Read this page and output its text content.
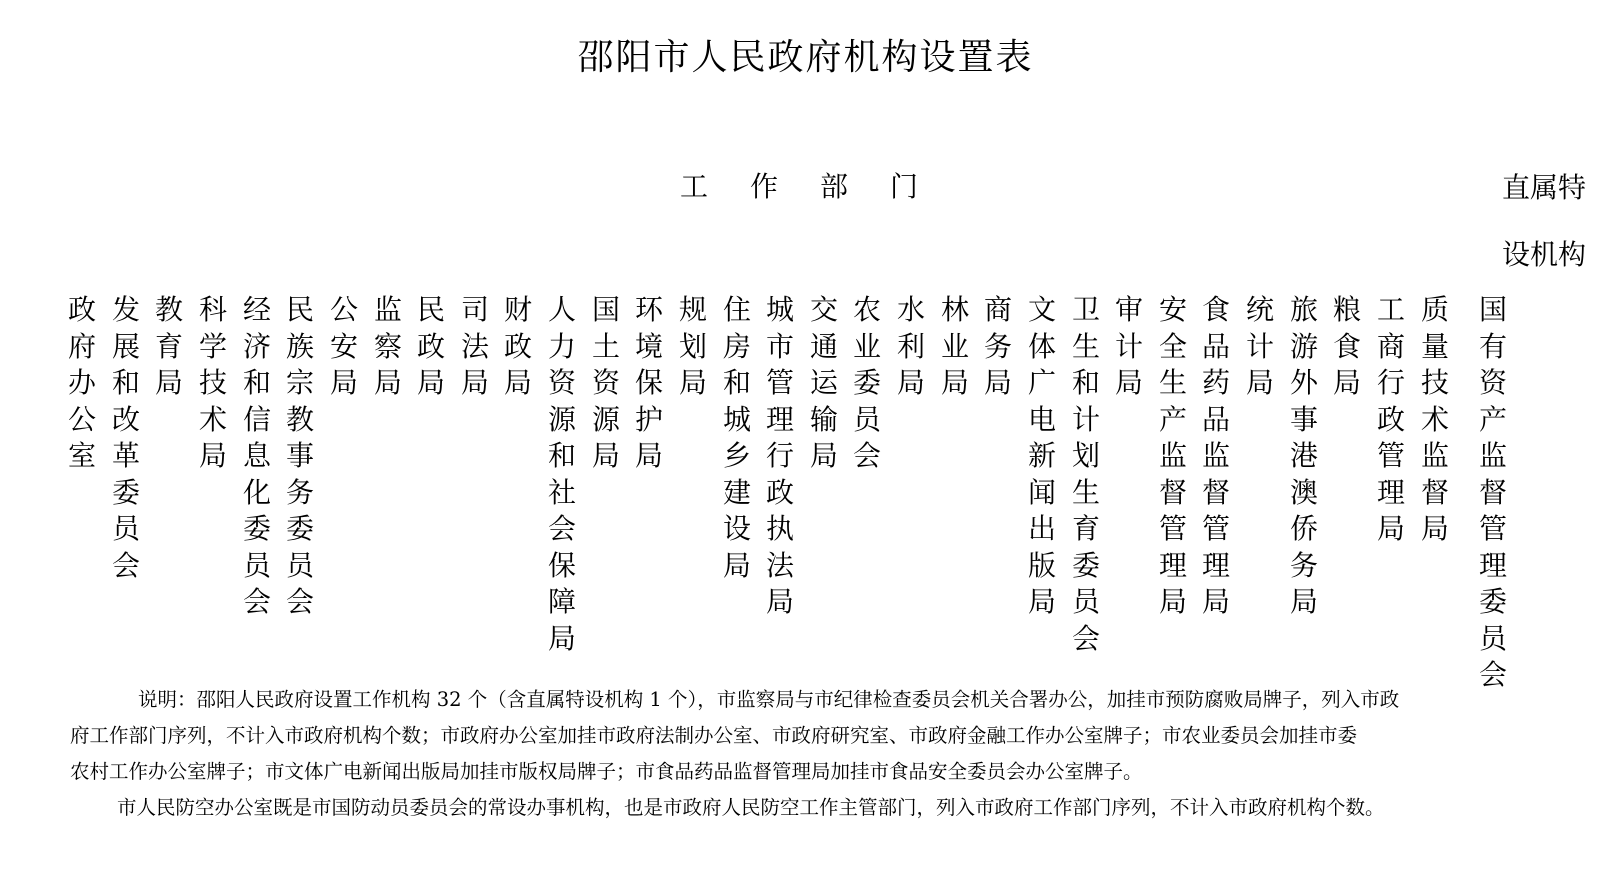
邵阳市人民政府机构设置表
工作部门	直属特
设机构
政府办公室
发展和改革委员会
教育局
科学技术局
经济和信息化委员会
民族宗教事务委员会
公安局
监察局
民政局
司法局
财政局
人力资源和社会保障局
国土资源局
环境保护局
规划局
住房和城乡建设局
城市管理行政执法局
交通运输局
农业委员会
水利局
林业局
商务局
文体广电新闻出版局
卫生和计划生育委员会
审计局
安全生产监督管理局
食品药品监督管理局
统计局
旅游外事港澳侨务局
粮食局
工商行政管理局
质量技术监督局
国有资产监督管理委员会
说明：邵阳人民政府设置工作机构 32 个（含直属特设机构 1 个），市监察局与市纪律检查委员会机关合署办公，加挂市预防腐败局牌子，列入市政
府工作部门序列，不计入市政府机构个数；市政府办公室加挂市政府法制办公室、市政府研究室、市政府金融工作办公室牌子；市农业委员会加挂市委
农村工作办公室牌子；市文体广电新闻出版局加挂市版权局牌子；市食品药品监督管理局加挂市食品安全委员会办公室牌子。
市人民防空办公室既是市国防动员委员会的常设办事机构，也是市政府人民防空工作主管部门，列入市政府工作部门序列，不计入市政府机构个数。
